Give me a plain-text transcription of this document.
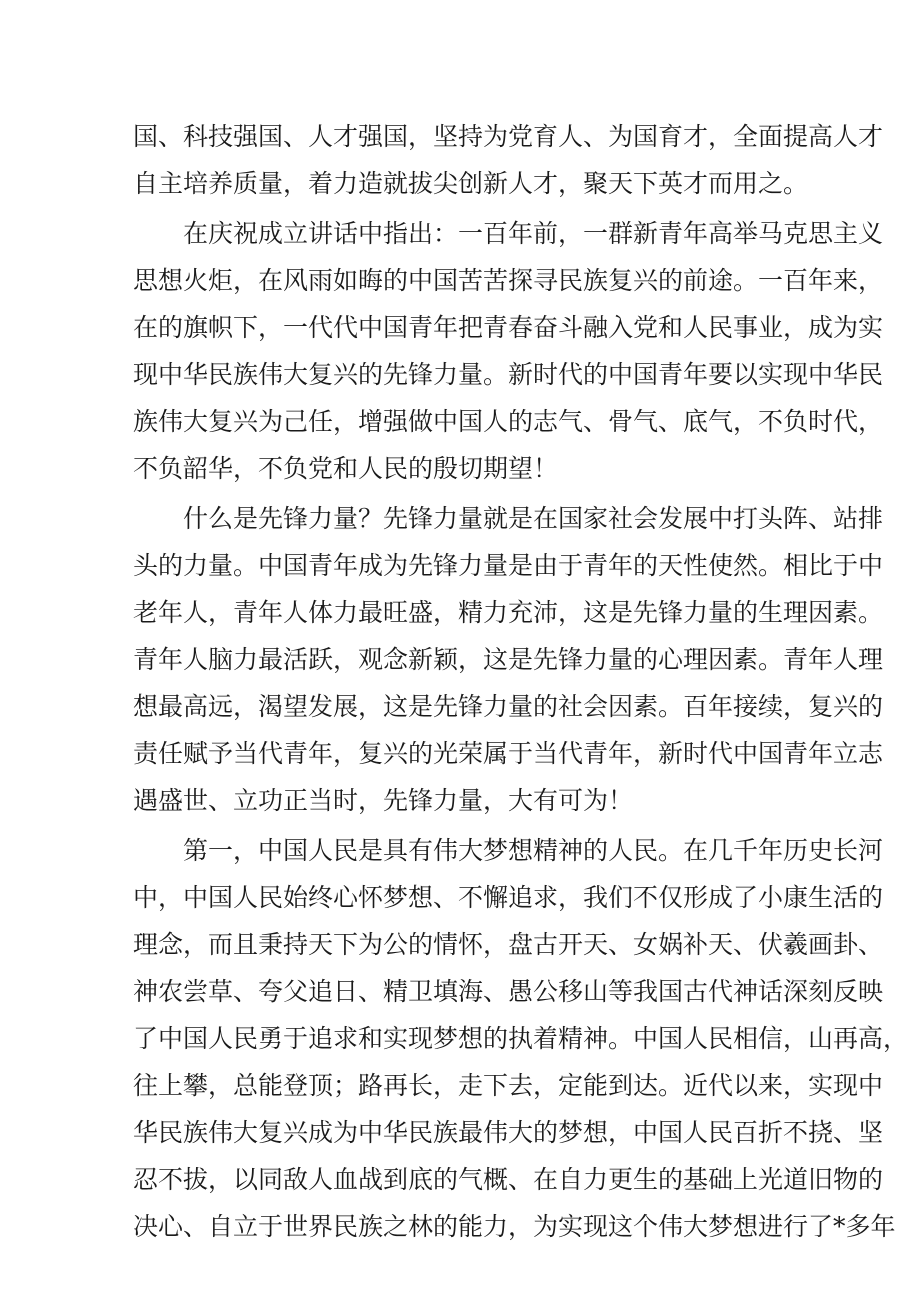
国、科技强国、人才强国，坚持为党育人、为国育才，全面提高人才
自主培养质量，着力造就拔尖创新人才，聚天下英才而用之。
　　在庆祝成立讲话中指出：一百年前，一群新青年高举马克思主义
思想火炬，在风雨如晦的中国苦苦探寻民族复兴的前途。一百年来，
在的旗帜下，一代代中国青年把青春奋斗融入党和人民事业，成为实
现中华民族伟大复兴的先锋力量。新时代的中国青年要以实现中华民
族伟大复兴为己任，增强做中国人的志气、骨气、底气，不负时代，
不负韶华，不负党和人民的殷切期望！
　　什么是先锋力量？先锋力量就是在国家社会发展中打头阵、站排
头的力量。中国青年成为先锋力量是由于青年的天性使然。相比于中
老年人，青年人体力最旺盛，精力充沛，这是先锋力量的生理因素。
青年人脑力最活跃，观念新颖，这是先锋力量的心理因素。青年人理
想最高远，渴望发展，这是先锋力量的社会因素。百年接续，复兴的
责任赋予当代青年，复兴的光荣属于当代青年，新时代中国青年立志
遇盛世、立功正当时，先锋力量，大有可为！
　　第一，中国人民是具有伟大梦想精神的人民。在几千年历史长河
中，中国人民始终心怀梦想、不懈追求，我们不仅形成了小康生活的
理念，而且秉持天下为公的情怀，盘古开天、女娲补天、伏羲画卦、
神农尝草、夸父追日、精卫填海、愚公移山等我国古代神话深刻反映
了中国人民勇于追求和实现梦想的执着精神。中国人民相信，山再高，
往上攀，总能登顶；路再长，走下去，定能到达。近代以来，实现中
华民族伟大复兴成为中华民族最伟大的梦想，中国人民百折不挠、坚
忍不拔，以同敌人血战到底的气概、在自力更生的基础上光道旧物的
决心、自立于世界民族之林的能力，为实现这个伟大梦想进行了*多年
